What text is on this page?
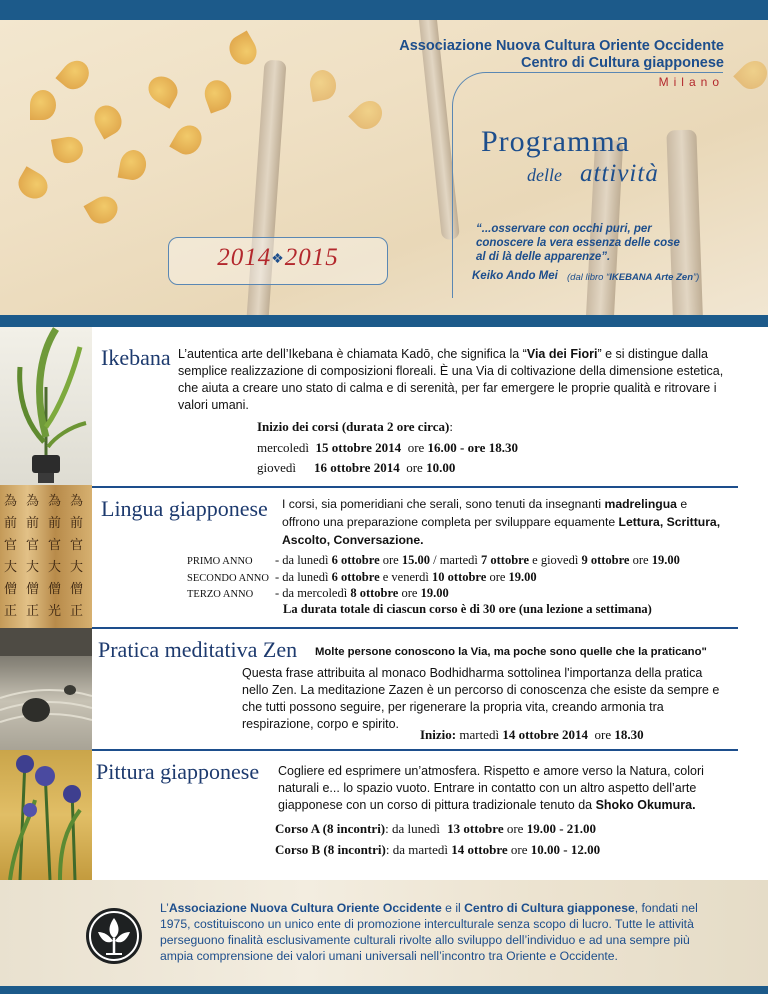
Associazione Nuova Cultura Oriente Occidente
Centro di Cultura giapponese
Milano
Programma
delle attività
“...osservare con occhi puri, per
conoscere la vera essenza delle cose
al di là delle apparenze”.
Keiko Ando Mei (dal libro “IKEBANA Arte Zen”)
2014❖2015
為
前
官
大
僧
正
為
前
官
大
僧
正
為
前
官
大
僧
光
為
前
官
大
僧
正
Ikebana L’autentica arte dell’Ikebana è chiamata Kadō, che significa la “Via dei Fiori” e si distingue dalla semplice realizzazione di composizioni floreali. È una Via di coltivazione della dimensione estetica, che aiuta a creare uno stato di calma e di serenità, per far emergere le proprie qualità e ritrovare i valori umani.
Inizio dei corsi (durata 2 ore circa):
mercoledì 15 ottobre 2014 ore 16.00 - ore 18.30
giovedì 16 ottobre 2014 ore 10.00
Lingua giapponese I corsi, sia pomeridiani che serali, sono tenuti da insegnanti madrelingua e offrono una preparazione completa per sviluppare equamente Lettura, Scrittura, Ascolto, Conversazione.
PRIMO ANNO - da lunedì 6 ottobre ore 15.00 / martedì 7 ottobre e giovedì 9 ottobre ore 19.00
SECONDO ANNO - da lunedì 6 ottobre e venerdì 10 ottobre ore 19.00
TERZO ANNO - da mercoledì 8 ottobre ore 19.00
La durata totale di ciascun corso è di 30 ore (una lezione a settimana)
Pratica meditativa Zen Molte persone conoscono la Via, ma poche sono quelle che la praticano"
Questa frase attribuita al monaco Bodhidharma sottolinea l'importanza della pratica nello Zen. La meditazione Zazen è un percorso di conoscenza che esiste da sempre e che tutti possono seguire, per rigenerare la propria vita, creando armonia tra respirazione, corpo e spirito.
Inizio: martedì 14 ottobre 2014 ore 18.30
Pittura giapponese Cogliere ed esprimere un’atmosfera. Rispetto e amore verso la Natura, colori naturali e... lo spazio vuoto. Entrare in contatto con un altro aspetto dell’arte giapponese con un corso di pittura tradizionale tenuto da Shoko Okumura.
Corso A (8 incontri): da lunedì 13 ottobre ore 19.00 - 21.00
Corso B (8 incontri): da martedì 14 ottobre ore 10.00 - 12.00
L’Associazione Nuova Cultura Oriente Occidente e il Centro di Cultura giapponese, fondati nel 1975, costituiscono un unico ente di promozione interculturale senza scopo di lucro. Tutte le attività perseguono finalità esclusivamente culturali rivolte allo sviluppo dell’individuo e ad una sempre più ampia comprensione dei valori umani universali nell’incontro tra Oriente e Occidente.
